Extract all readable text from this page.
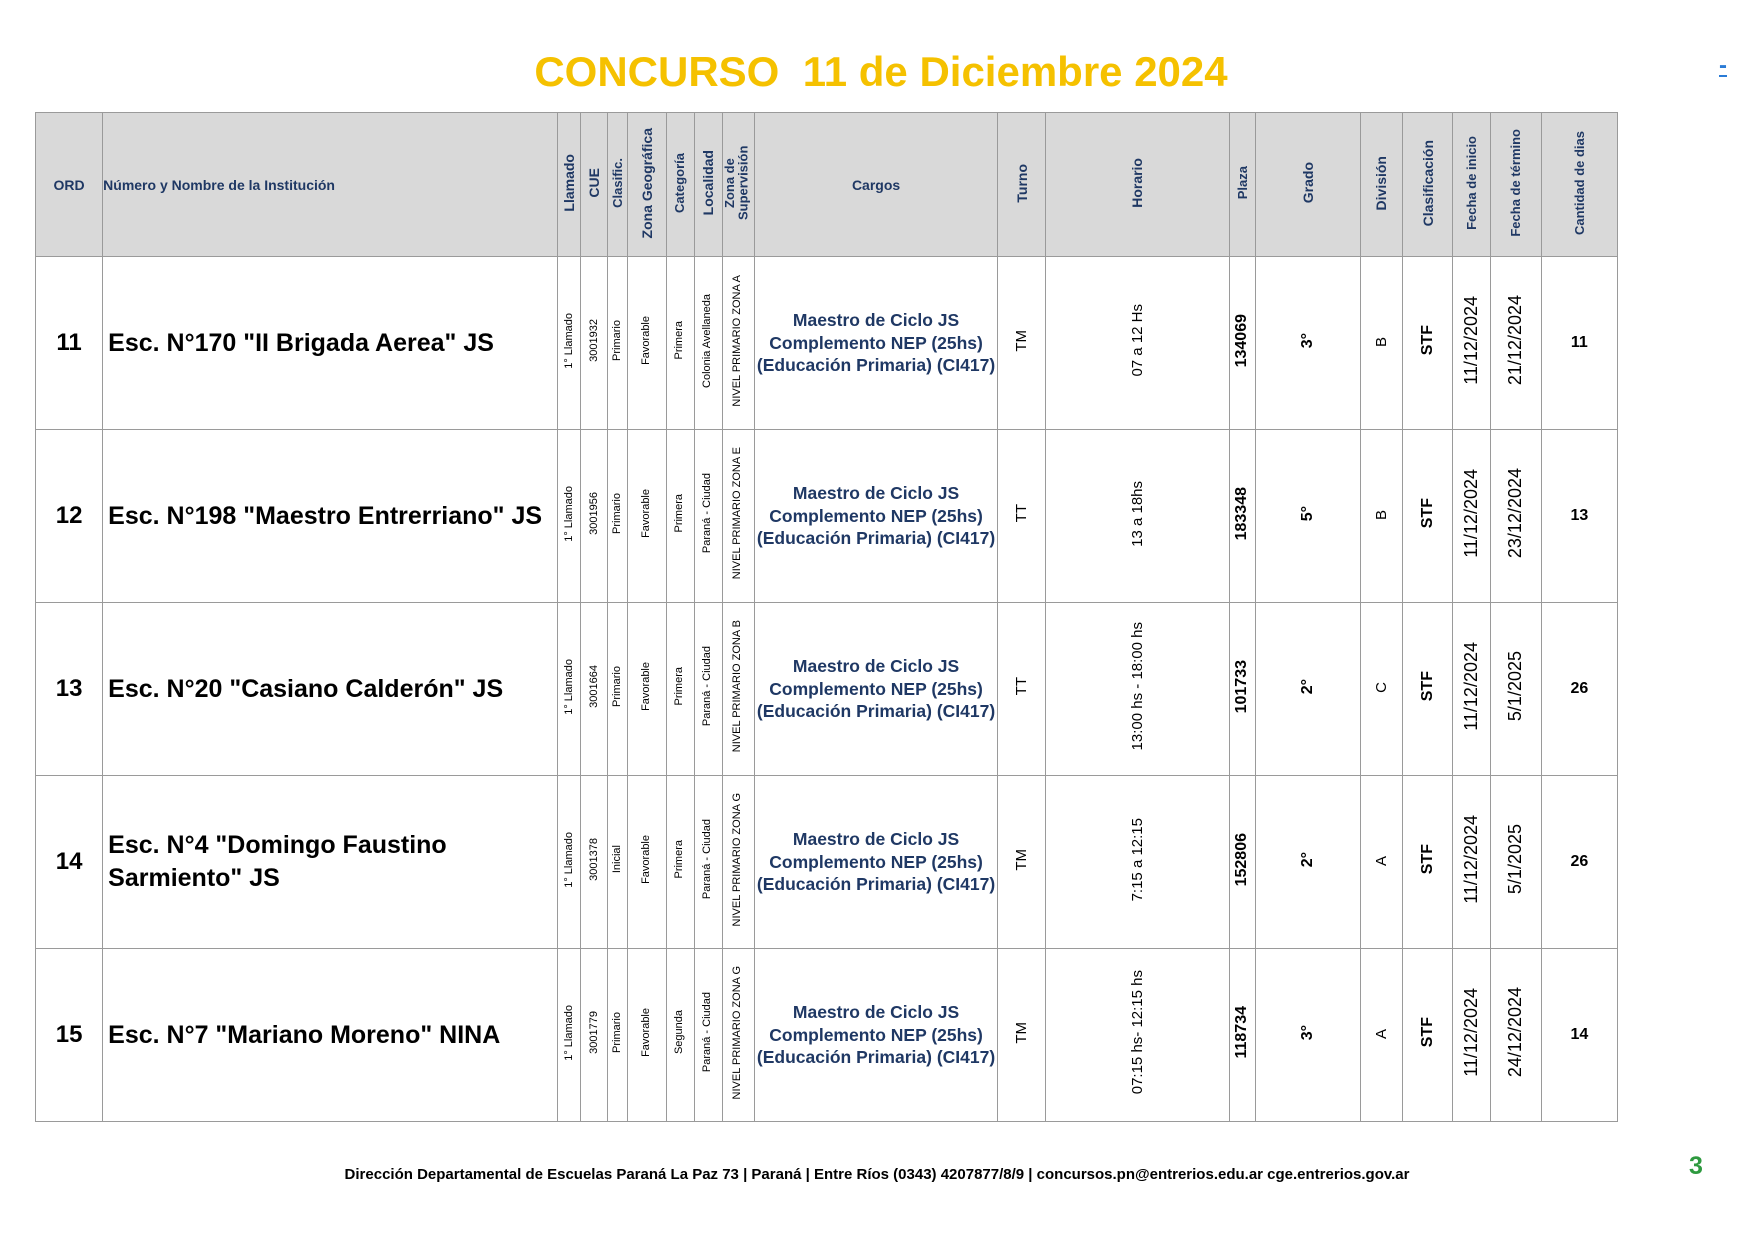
CONCURSO  11 de Diciembre 2024	-
ORD	Número y Nombre de la Institución	Llamado	CUE	Clasific.	Zona Geográfica	Categoría	Localidad	Zona de Supervisión	Cargos	Turno	Horario	Plaza	Grado	División	Clasificación	Fecha de inicio	Fecha de término	Cantidad de dias
11	Esc. N°170 "II Brigada Aerea" JS	1° Llamado	3001932	Primario	Favorable	Primera	Colonia Avellaneda	NIVEL PRIMARIO ZONA A	Maestro de Ciclo JS Complemento NEP (25hs) (Educación Primaria) (CI417)	TM	07 a 12 Hs	134069	3°	B	STF	11/12/2024	21/12/2024	11
12	Esc. N°198 "Maestro Entrerriano" JS	1° Llamado	3001956	Primario	Favorable	Primera	Paraná - Ciudad	NIVEL PRIMARIO ZONA E	Maestro de Ciclo JS Complemento NEP (25hs) (Educación Primaria) (CI417)	TT	13 a 18hs	183348	5°	B	STF	11/12/2024	23/12/2024	13
13	Esc. N°20 "Casiano Calderón" JS	1° Llamado	3001664	Primario	Favorable	Primera	Paraná - Ciudad	NIVEL PRIMARIO ZONA B	Maestro de Ciclo JS Complemento NEP (25hs) (Educación Primaria) (CI417)	TT	13:00 hs - 18:00 hs	101733	2°	C	STF	11/12/2024	5/1/2025	26
14	Esc. N°4 "Domingo Faustino Sarmiento" JS	1° Llamado	3001378	Inicial	Favorable	Primera	Paraná - Ciudad	NIVEL PRIMARIO ZONA G	Maestro de Ciclo JS Complemento NEP (25hs) (Educación Primaria) (CI417)	TM	7:15 a 12:15	152806	2°	A	STF	11/12/2024	5/1/2025	26
15	Esc. N°7 "Mariano Moreno" NINA	1° Llamado	3001779	Primario	Favorable	Segunda	Paraná - Ciudad	NIVEL PRIMARIO ZONA G	Maestro de Ciclo JS Complemento NEP (25hs) (Educación Primaria) (CI417)	TM	07:15 hs- 12:15 hs	118734	3°	A	STF	11/12/2024	24/12/2024	14
Dirección Departamental de Escuelas Paraná La Paz 73 | Paraná | Entre Ríos (0343) 4207877/8/9 | concursos.pn@entrerios.edu.ar cge.entrerios.gov.ar	3
